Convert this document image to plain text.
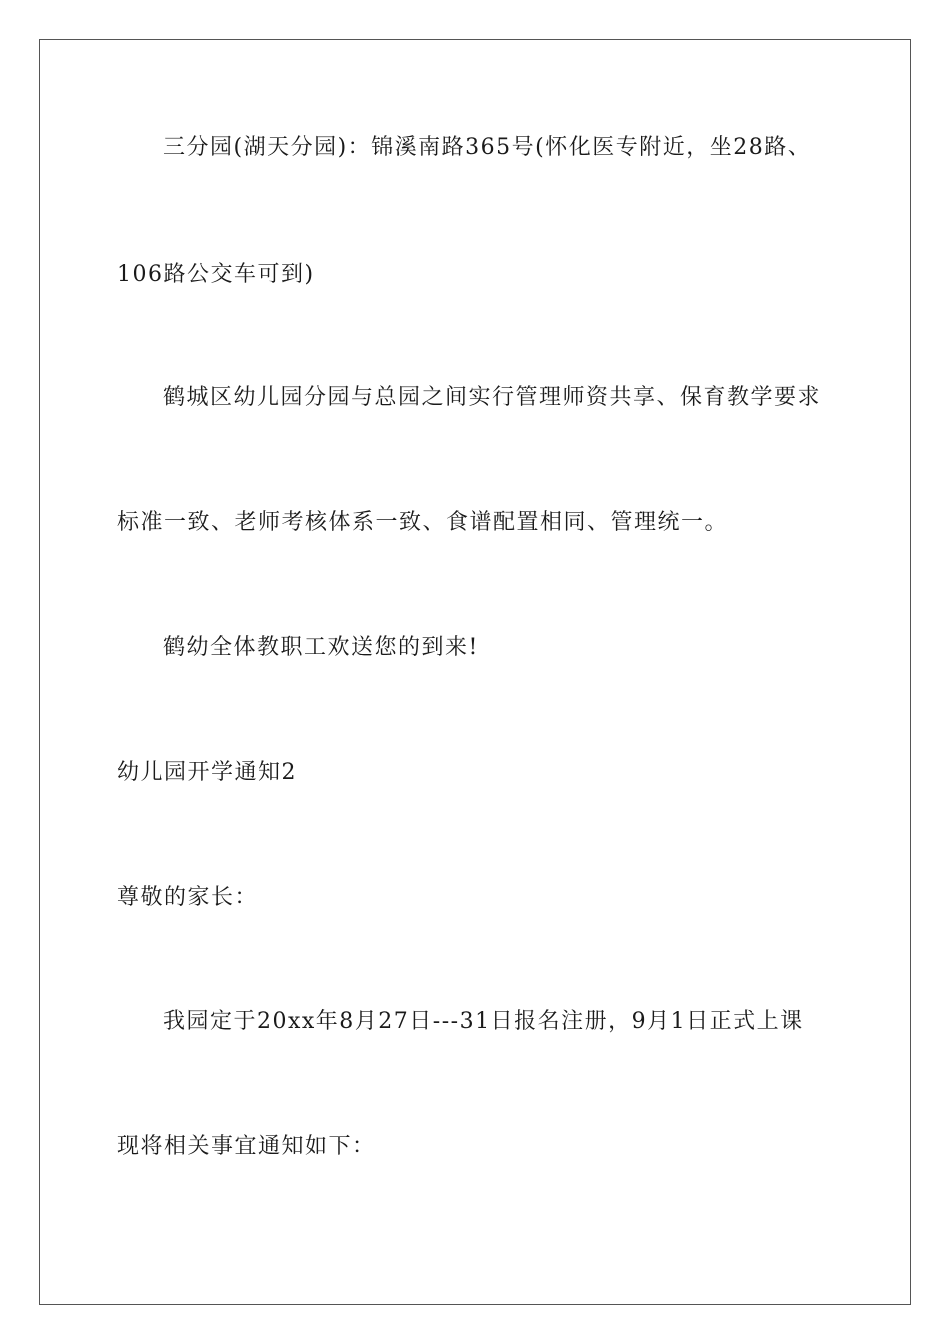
三分园(湖天分园)：锦溪南路365号(怀化医专附近，坐28路、
106路公交车可到)
鹤城区幼儿园分园与总园之间实行管理师资共享、保育教学要求
标准一致、老师考核体系一致、食谱配置相同、管理统一。
鹤幼全体教职工欢送您的到来!
幼儿园开学通知2
尊敬的家长：
我园定于20xx年8月27日---31日报名注册，9月1日正式上课
现将相关事宜通知如下：
